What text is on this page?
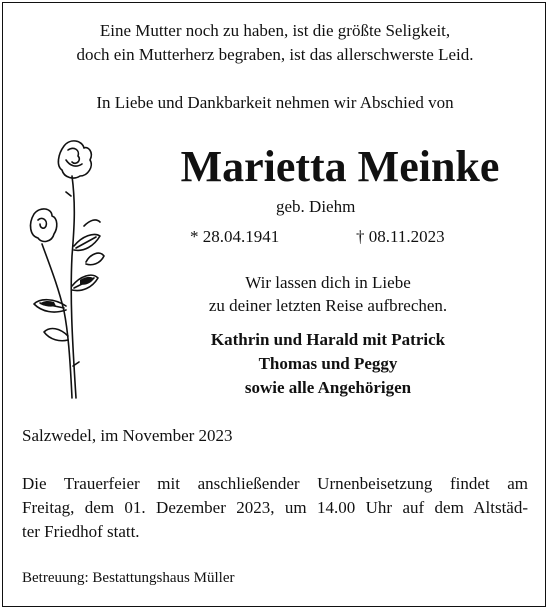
Eine Mutter noch zu haben, ist die größte Seligkeit,
doch ein Mutterherz begraben, ist das allerschwerste Leid.
In Liebe und Dankbarkeit nehmen wir Abschied von
Marietta Meinke
geb. Diehm
* 28.04.1941	† 08.11.2023
Wir lassen dich in Liebe
zu deiner letzten Reise aufbrechen.
Kathrin und Harald mit Patrick
Thomas und Peggy
sowie alle Angehörigen
Salzwedel, im November 2023
Die Trauerfeier mit anschließender Urnenbeisetzung findet am
Freitag, dem 01. Dezember 2023, um 14.00 Uhr auf dem Altstäd-
ter Friedhof statt.
Betreuung: Bestattungshaus Müller
